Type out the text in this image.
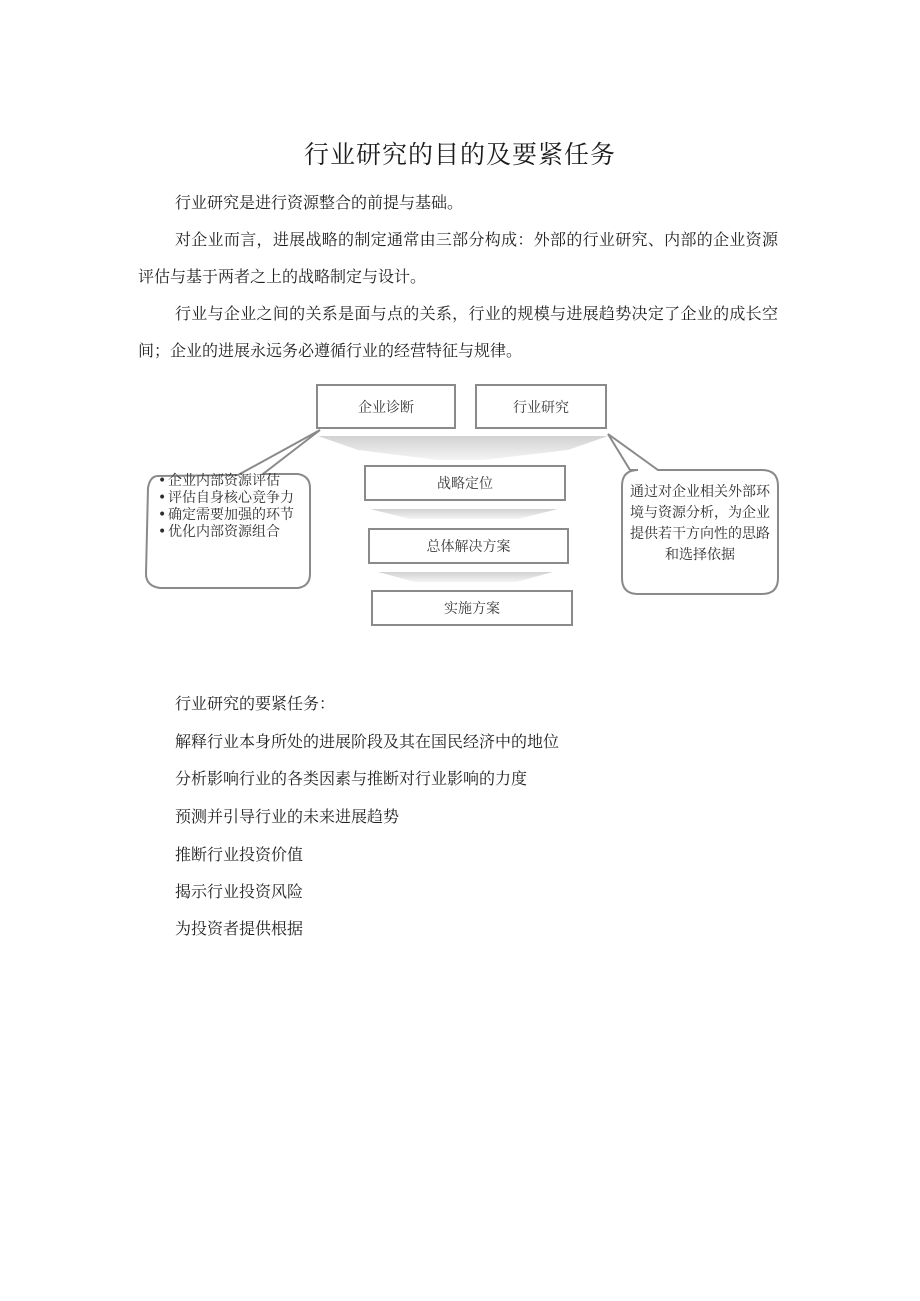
行业研究的目的及要紧任务

行业研究是进行资源整合的前提与基础。

对企业而言，进展战略的制定通常由三部分构成：外部的行业研究、内部的企业资源评估与基于两者之上的战略制定与设计。

行业与企业之间的关系是面与点的关系，行业的规模与进展趋势决定了企业的成长空间；企业的进展永远务必遵循行业的经营特征与规律。

企业诊断	行业研究
战略定位
总体解决方案
实施方案
• 企业内部资源评估
• 评估自身核心竞争力
• 确定需要加强的环节
• 优化内部资源组合
通过对企业相关外部环境与资源分析，为企业提供若干方向性的思路和选择依据
行业研究的要紧任务：
解释行业本身所处的进展阶段及其在国民经济中的地位
分析影响行业的各类因素与推断对行业影响的力度
预测并引导行业的未来进展趋势
推断行业投资价值
揭示行业投资风险
为投资者提供根据
